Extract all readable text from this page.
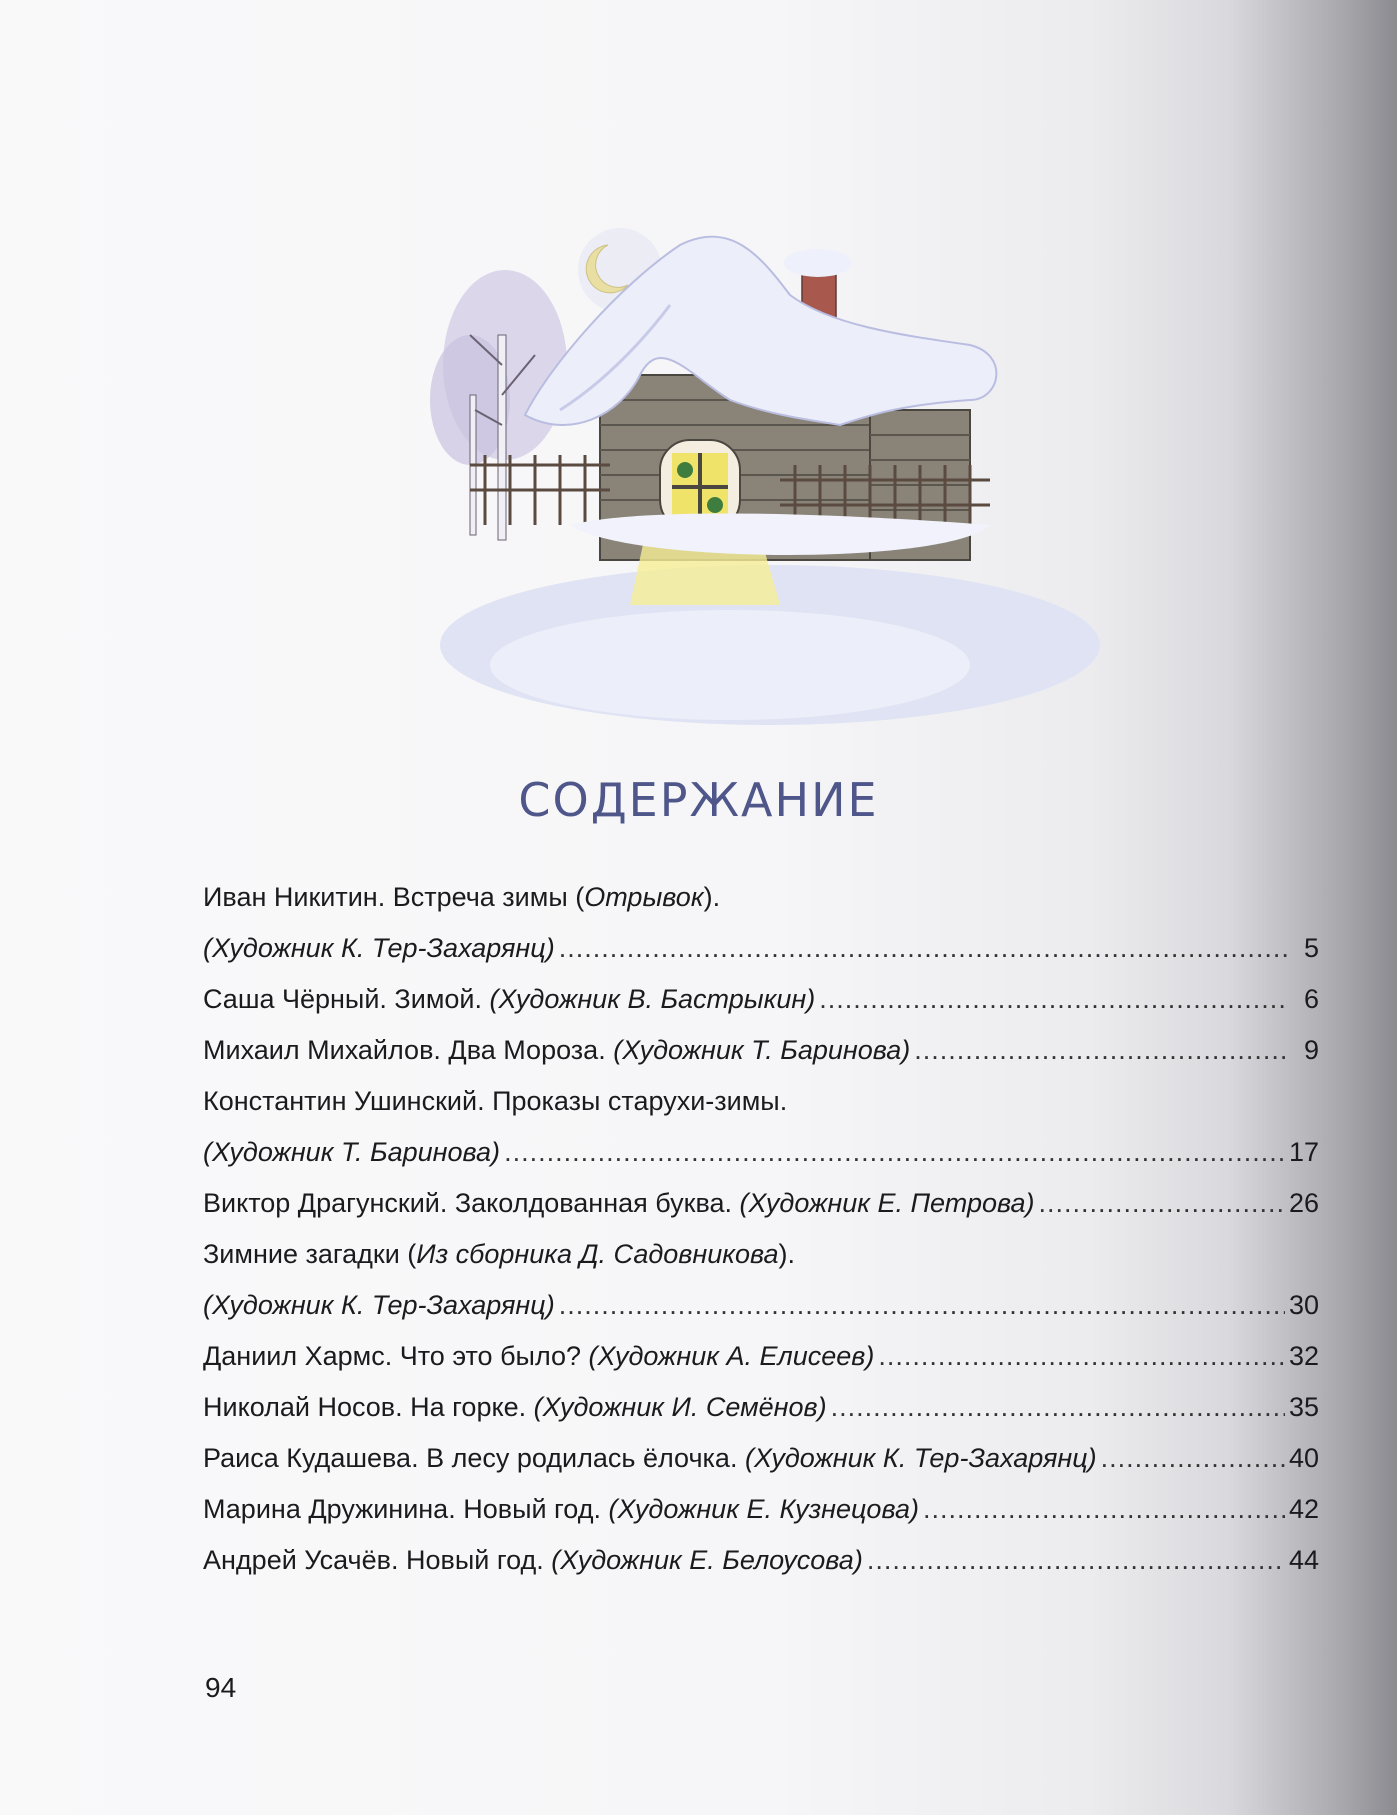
СОДЕРЖАНИЕ
Иван Никитин. Встреча зимы (Отрывок).
(Художник К. Тер-Захарянц) .....	5
Саша Чёрный. Зимой. (Художник В. Бастрыкин) .....	6
Михаил Михайлов. Два Мороза. (Художник Т. Баринова) .....	9
Константин Ушинский. Проказы старухи-зимы.
(Художник Т. Баринова) .....	17
Виктор Драгунский. Заколдованная буква. (Художник Е. Петрова) .....	26
Зимние загадки (Из сборника Д. Садовникова).
(Художник К. Тер-Захарянц) .....	30
Даниил Хармс. Что это было? (Художник А. Елисеев) .....	32
Николай Носов. На горке. (Художник И. Семёнов) .....	35
Раиса Кудашева. В лесу родилась ёлочка. (Художник К. Тер-Захарянц) .....	40
Марина Дружинина. Новый год. (Художник Е. Кузнецова) .....	42
Андрей Усачёв. Новый год. (Художник Е. Белоусова) .....	44
94
